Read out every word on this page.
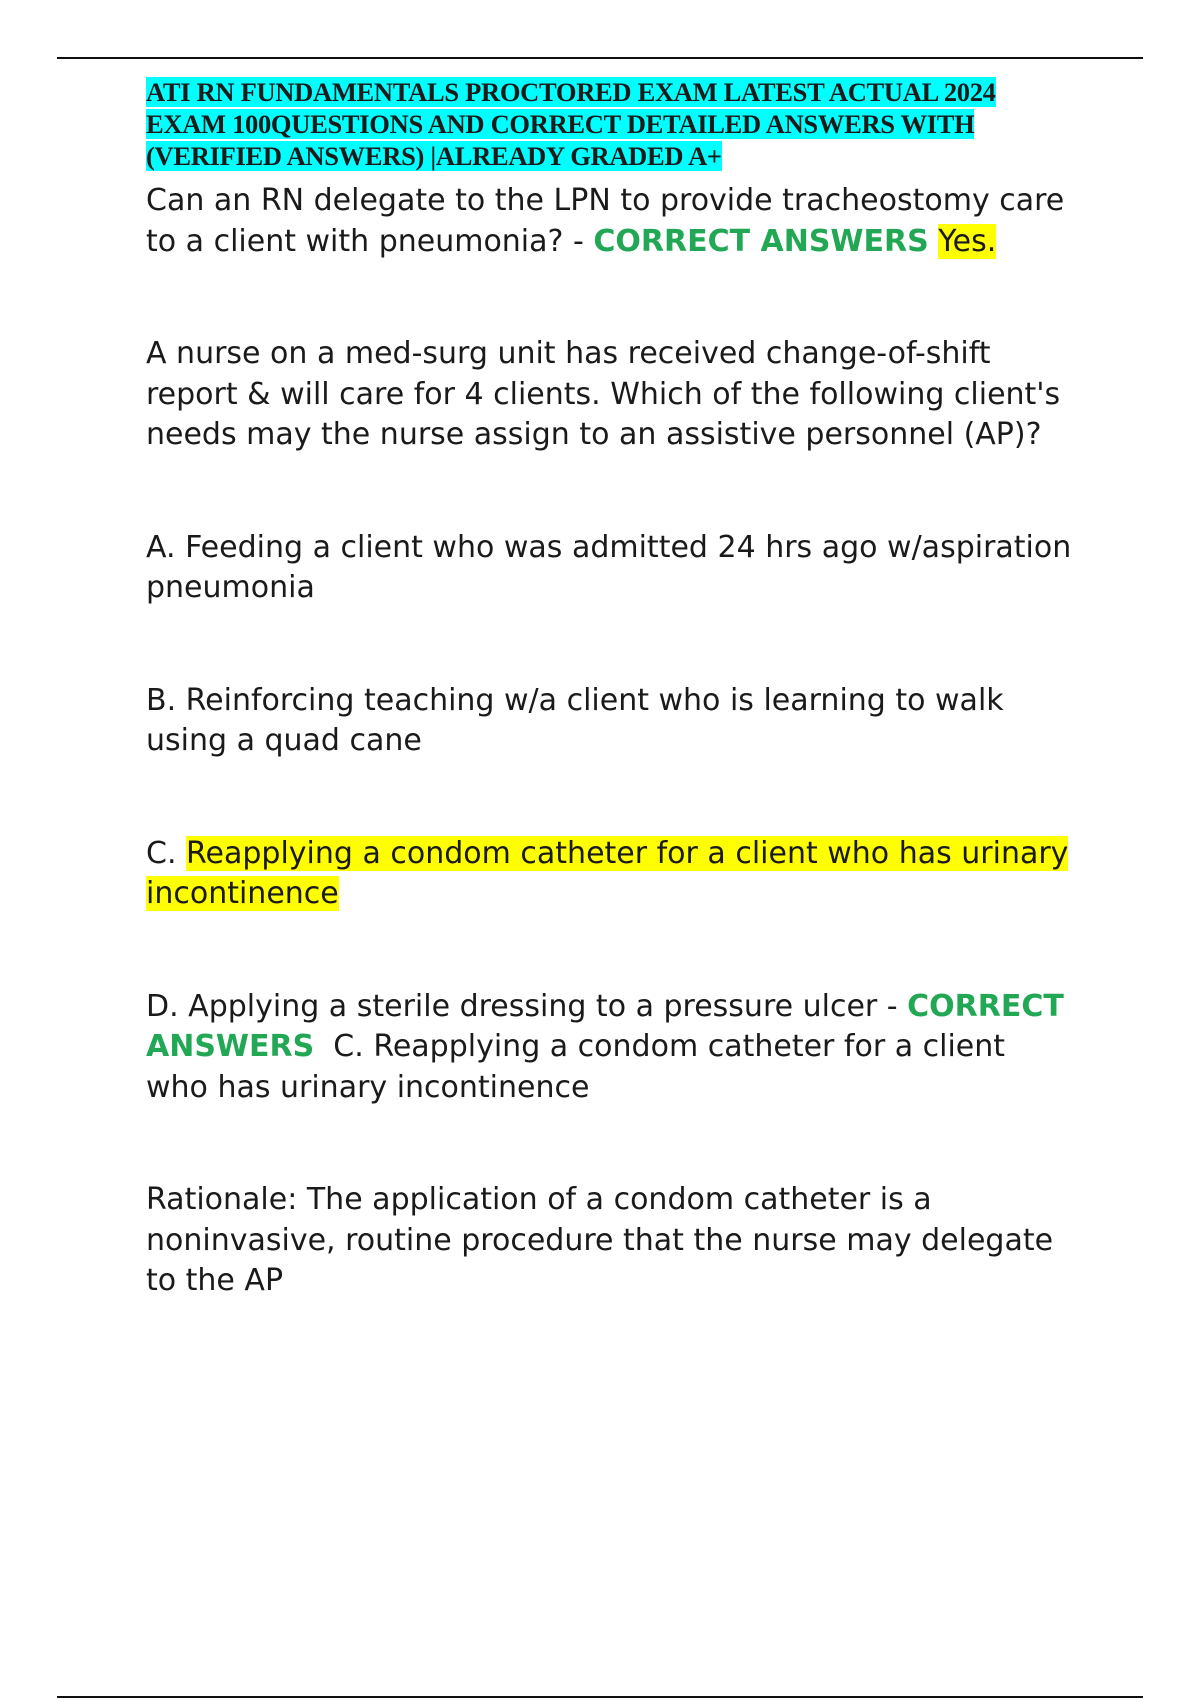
ATI RN FUNDAMENTALS PROCTORED EXAM LATEST ACTUAL 2024 EXAM 100QUESTIONS AND CORRECT DETAILED ANSWERS WITH (VERIFIED ANSWERS) |ALREADY GRADED A+

Can an RN delegate to the LPN to provide tracheostomy care to a client with pneumonia? - CORRECT ANSWERS Yes.

A nurse on a med-surg unit has received change-of-shift report & will care for 4 clients. Which of the following client's needs may the nurse assign to an assistive personnel (AP)?

A. Feeding a client who was admitted 24 hrs ago w/aspiration pneumonia

B. Reinforcing teaching w/a client who is learning to walk using a quad cane

C. Reapplying a condom catheter for a client who has urinary incontinence

D. Applying a sterile dressing to a pressure ulcer - CORRECT ANSWERS  C. Reapplying a condom catheter for a client who has urinary incontinence

Rationale: The application of a condom catheter is a noninvasive, routine procedure that the nurse may delegate to the AP
